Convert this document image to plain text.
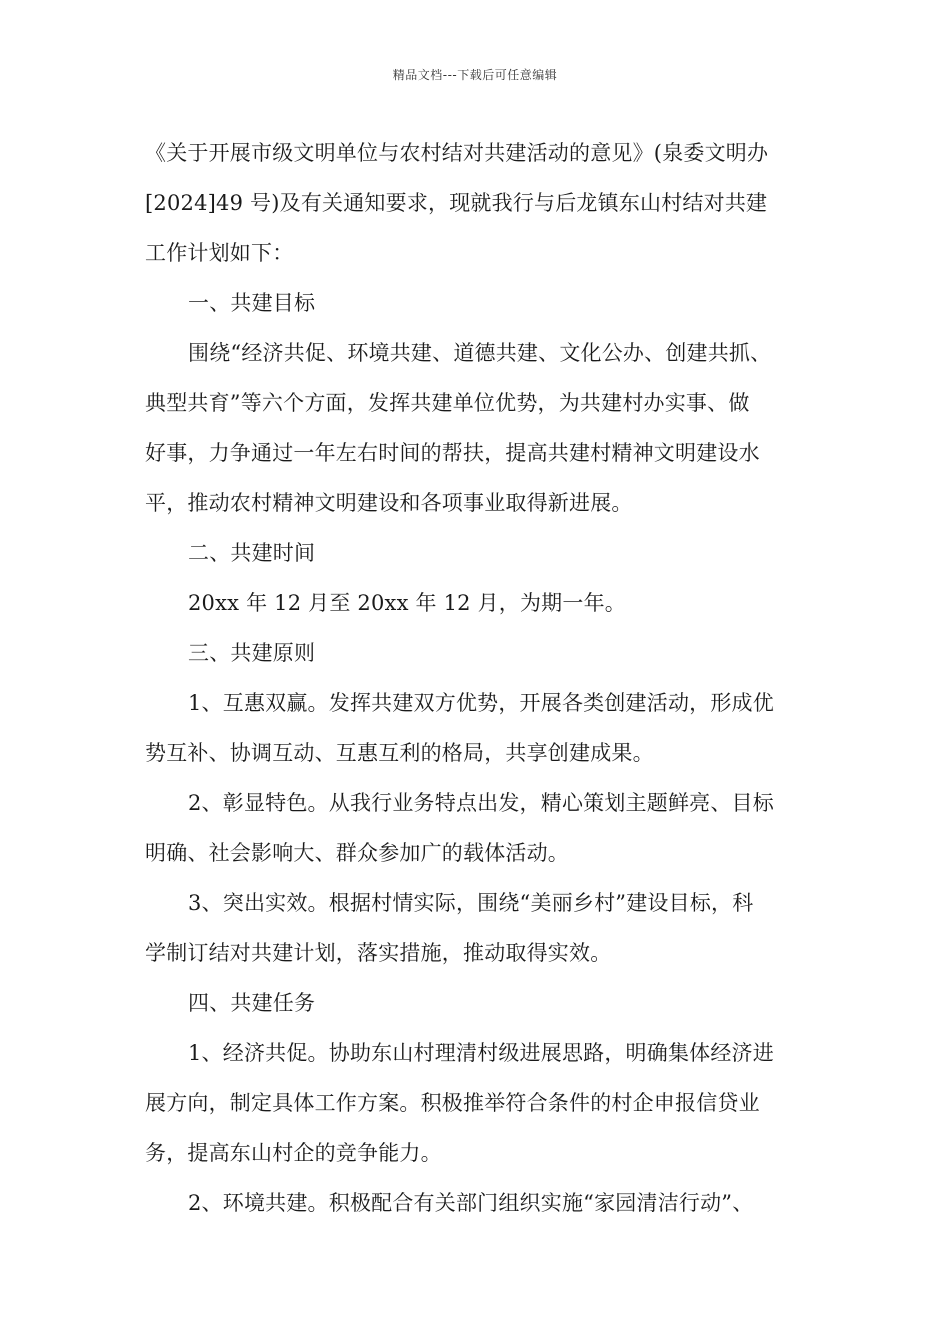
精品文档---下载后可任意编辑
《关于开展市级文明单位与农村结对共建活动的意见》(泉委文明办
[2024]49 号)及有关通知要求，现就我行与后龙镇东山村结对共建
工作计划如下：
一、共建目标
围绕“经济共促、环境共建、道德共建、文化公办、创建共抓、
典型共育”等六个方面，发挥共建单位优势，为共建村办实事、做
好事，力争通过一年左右时间的帮扶，提高共建村精神文明建设水
平，推动农村精神文明建设和各项事业取得新进展。
二、共建时间
20xx 年 12 月至 20xx 年 12 月，为期一年。
三、共建原则
1、互惠双赢。发挥共建双方优势，开展各类创建活动，形成优
势互补、协调互动、互惠互利的格局，共享创建成果。
2、彰显特色。从我行业务特点出发，精心策划主题鲜亮、目标
明确、社会影响大、群众参加广的载体活动。
3、突出实效。根据村情实际，围绕“美丽乡村”建设目标，科
学制订结对共建计划，落实措施，推动取得实效。
四、共建任务
1、经济共促。协助东山村理清村级进展思路，明确集体经济进
展方向，制定具体工作方案。积极推举符合条件的村企申报信贷业
务，提高东山村企的竞争能力。
2、环境共建。积极配合有关部门组织实施“家园清洁行动”、
